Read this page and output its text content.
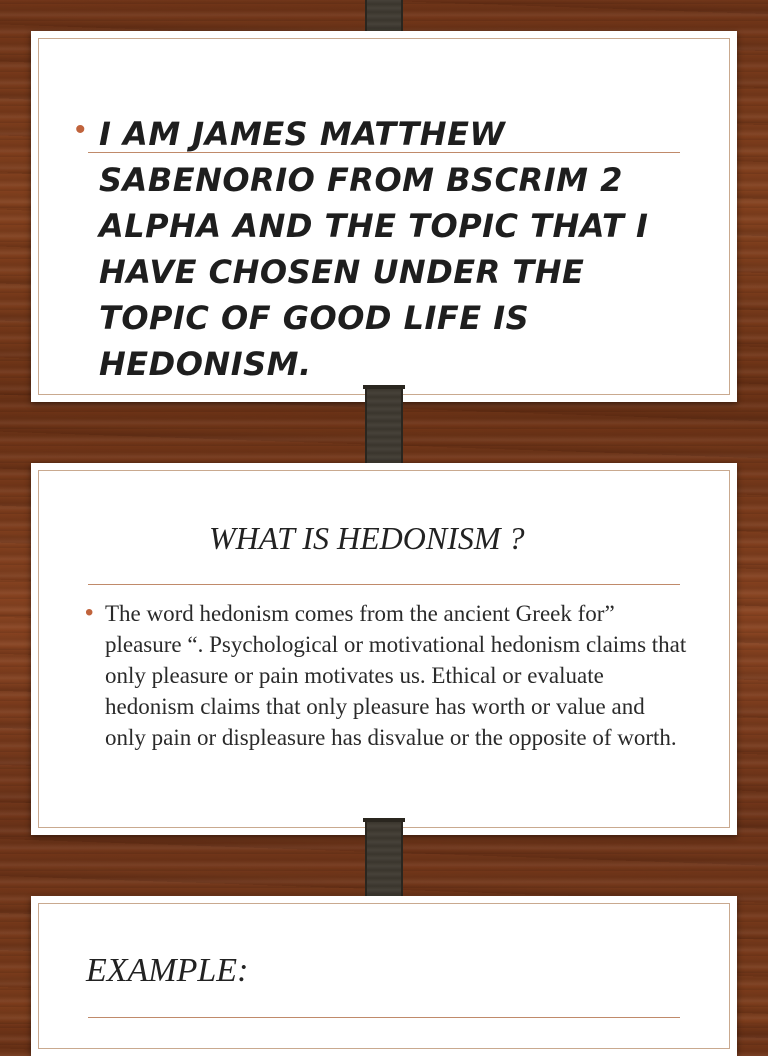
• I AM JAMES MATTHEW SABENORIO FROM BSCRIM 2 ALPHA AND THE TOPIC THAT I HAVE CHOSEN UNDER THE TOPIC OF GOOD LIFE IS HEDONISM.
WHAT IS HEDONISM ?
• The word hedonism comes from the ancient Greek for” pleasure “. Psychological or motivational hedonism claims that only pleasure or pain motivates us. Ethical or evaluate hedonism claims that only pleasure has worth or value and only pain or displeasure has disvalue or the opposite of worth.
EXAMPLE:
